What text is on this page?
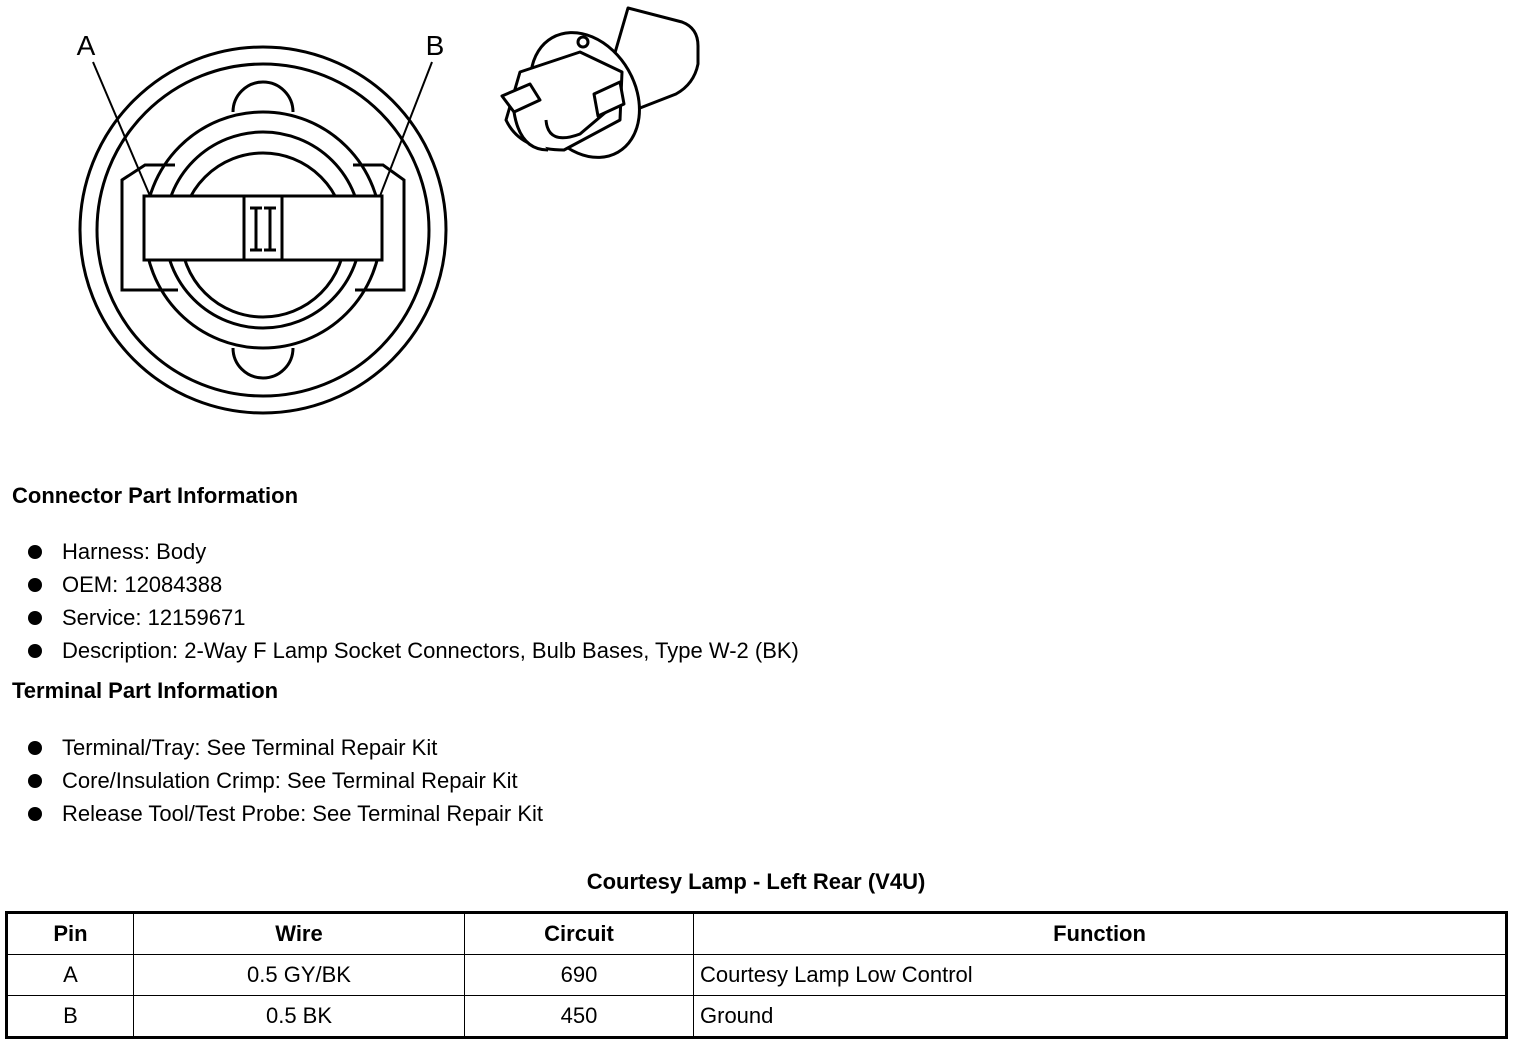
A	B
Connector Part Information
Harness: Body
OEM: 12084388
Service: 12159671
Description: 2-Way F Lamp Socket Connectors, Bulb Bases, Type W-2 (BK)
Terminal Part Information
Terminal/Tray: See Terminal Repair Kit
Core/Insulation Crimp: See Terminal Repair Kit
Release Tool/Test Probe: See Terminal Repair Kit
Courtesy Lamp - Left Rear (V4U)
Pin	Wire	Circuit	Function
A	0.5 GY/BK	690	Courtesy Lamp Low Control
B	0.5 BK	450	Ground
